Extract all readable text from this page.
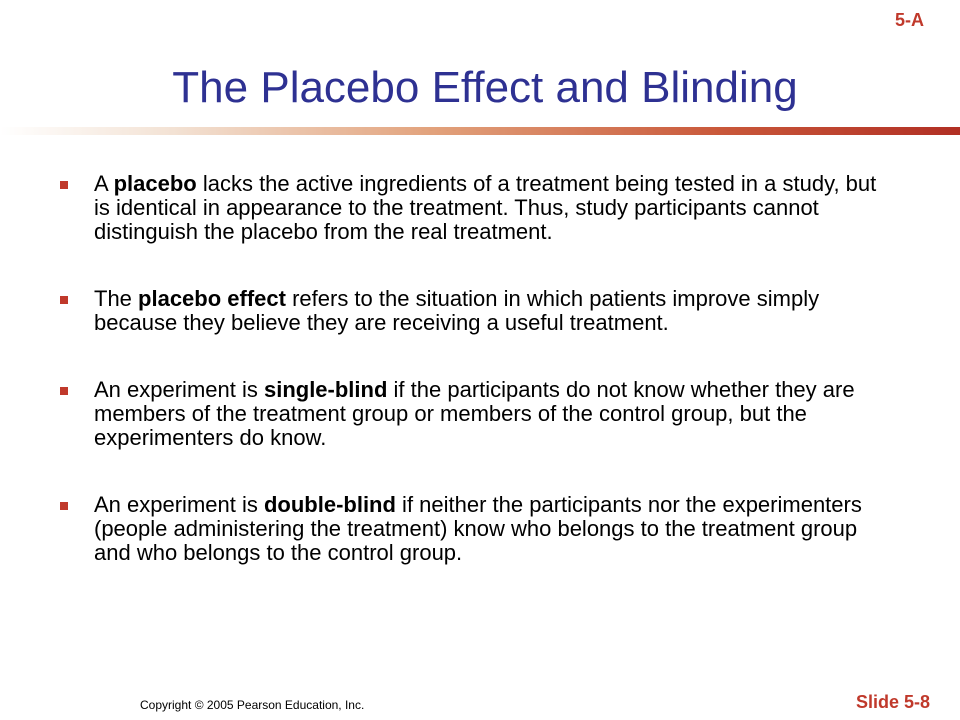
5-A
The Placebo Effect and Blinding
A placebo lacks the active ingredients of a treatment being tested in a study, but is identical in appearance to the treatment. Thus, study participants cannot distinguish the placebo from the real treatment.
The placebo effect refers to the situation in which patients improve simply because they believe they are receiving a useful treatment.
An experiment is single-blind if the participants do not know whether they are members of the treatment group or members of the control group, but the experimenters do know.
An experiment is double-blind if neither the participants nor the experimenters (people administering the treatment) know who belongs to the treatment group and who belongs to the control group.
Copyright © 2005 Pearson Education, Inc.	Slide 5-8
